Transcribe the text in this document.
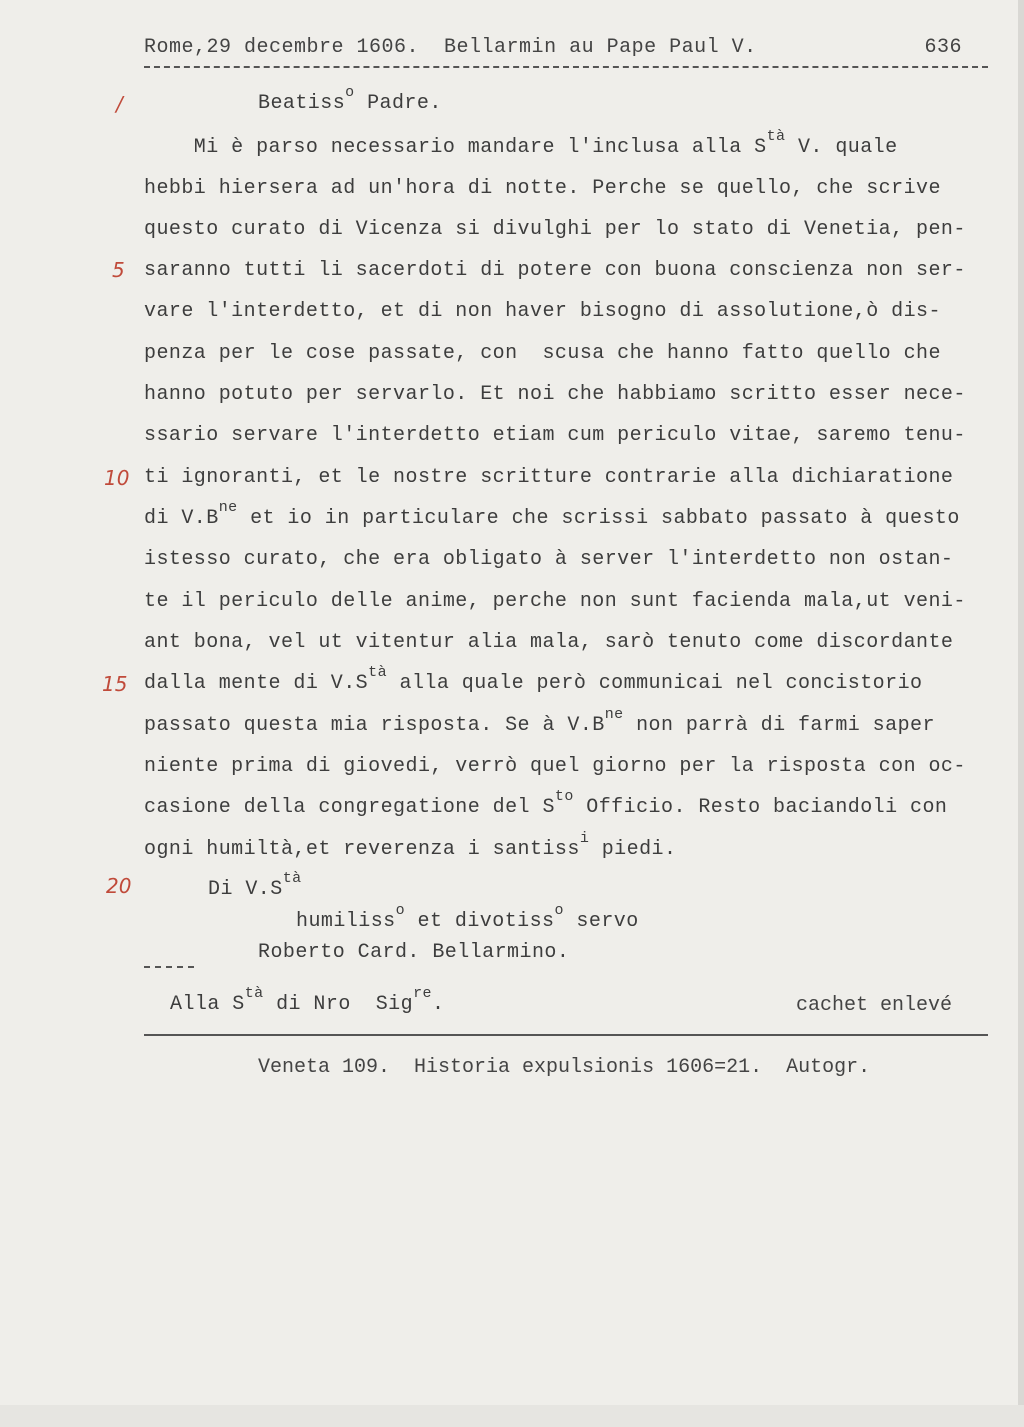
Rome,29 decembre 1606.  Bellarmin au Pape Paul V.	636
/
5
10
15
20
Beatiss$^o$ Padre.
Mi è parso necessario mandare l'inclusa alla $S^{tà}$ V. quale
hebbi hiersera ad un'hora di notte. Perche se quello, che scrive
questo curato di Vicenza si divulghi per lo stato di Venetia, pen-
saranno tutti li sacerdoti di potere con buona conscienza non ser-
vare l'interdetto, et di non haver bisogno di assolutione,ò dis-
penza per le cose passate, con  scusa che hanno fatto quello che
hanno potuto per servarlo. Et noi che habbiamo scritto esser nece-
ssario servare l'interdetto etiam cum periculo vitae, saremo tenu-
ti ignoranti, et le nostre scritture contrarie alla dichiaratione
di $V.B^{ne}$ et io in particulare che scrissi sabbato passato à questo
istesso curato, che era obligato à server l'interdetto non ostan-
te il periculo delle anime, perche non sunt facienda mala,ut veni-
ant bona, vel ut vitentur alia mala, sarò tenuto come discordante
dalla mente di $V.S^{tà}$ alla quale però communicai nel concistorio
passato questa mia risposta. Se à $V.B^{ne}$ non parrà di farmi saper
niente prima di giovedi, verrò quel giorno per la risposta con oc-
casione della congregatione del $S^{to}$ Officio. Resto baciandoli con
ogni humiltà,et reverenza i santiss$^i$ piedi.
Di $V.S^{tà}$
humiliss$^o$ et divotiss$^o$ servo
Roberto Card. Bellarmino.
Alla $S^{tà}$ di Nro  Sig$^{re}$.	cachet enlevé
Veneta 109.  Historia expulsionis 1606=21.  Autogr.
